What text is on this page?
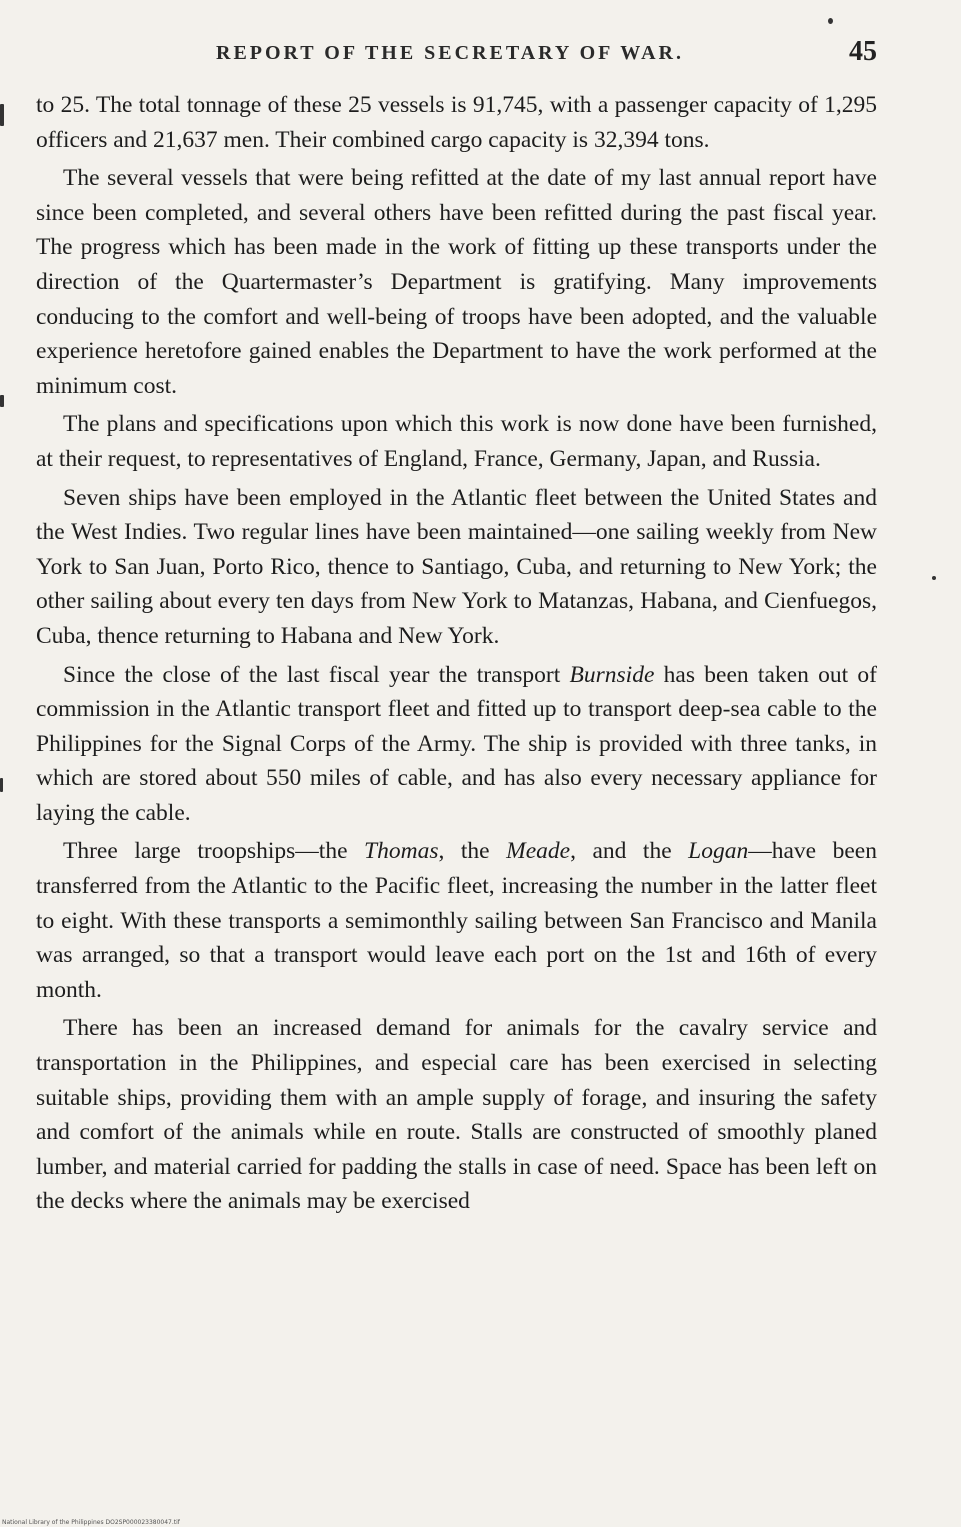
REPORT OF THE SECRETARY OF WAR.	45

to 25. The total tonnage of these 25 vessels is 91,745, with a passenger capacity of 1,295 officers and 21,637 men. Their combined cargo capacity is 32,394 tons.

The several vessels that were being refitted at the date of my last annual report have since been completed, and several others have been refitted during the past fiscal year. The progress which has been made in the work of fitting up these transports under the direction of the Quartermaster’s Department is gratifying. Many improvements conducing to the comfort and well-being of troops have been adopted, and the valuable experience heretofore gained enables the Department to have the work performed at the minimum cost.

The plans and specifications upon which this work is now done have been furnished, at their request, to representatives of England, France, Germany, Japan, and Russia.

Seven ships have been employed in the Atlantic fleet between the United States and the West Indies. Two regular lines have been maintained—one sailing weekly from New York to San Juan, Porto Rico, thence to Santiago, Cuba, and returning to New York; the other sailing about every ten days from New York to Matanzas, Habana, and Cienfuegos, Cuba, thence returning to Habana and New York.

Since the close of the last fiscal year the transport Burnside has been taken out of commission in the Atlantic transport fleet and fitted up to transport deep-sea cable to the Philippines for the Signal Corps of the Army. The ship is provided with three tanks, in which are stored about 550 miles of cable, and has also every necessary appliance for laying the cable.

Three large troopships—the Thomas, the Meade, and the Logan—have been transferred from the Atlantic to the Pacific fleet, increasing the number in the latter fleet to eight. With these transports a semimonthly sailing between San Francisco and Manila was arranged, so that a transport would leave each port on the 1st and 16th of every month.

There has been an increased demand for animals for the cavalry service and transportation in the Philippines, and especial care has been exercised in selecting suitable ships, providing them with an ample supply of forage, and insuring the safety and comfort of the animals while en route. Stalls are constructed of smoothly planed lumber, and material carried for padding the stalls in case of need. Space has been left on the decks where the animals may be exercised

National Library of the Philippines DO2SP000023380047.tif
